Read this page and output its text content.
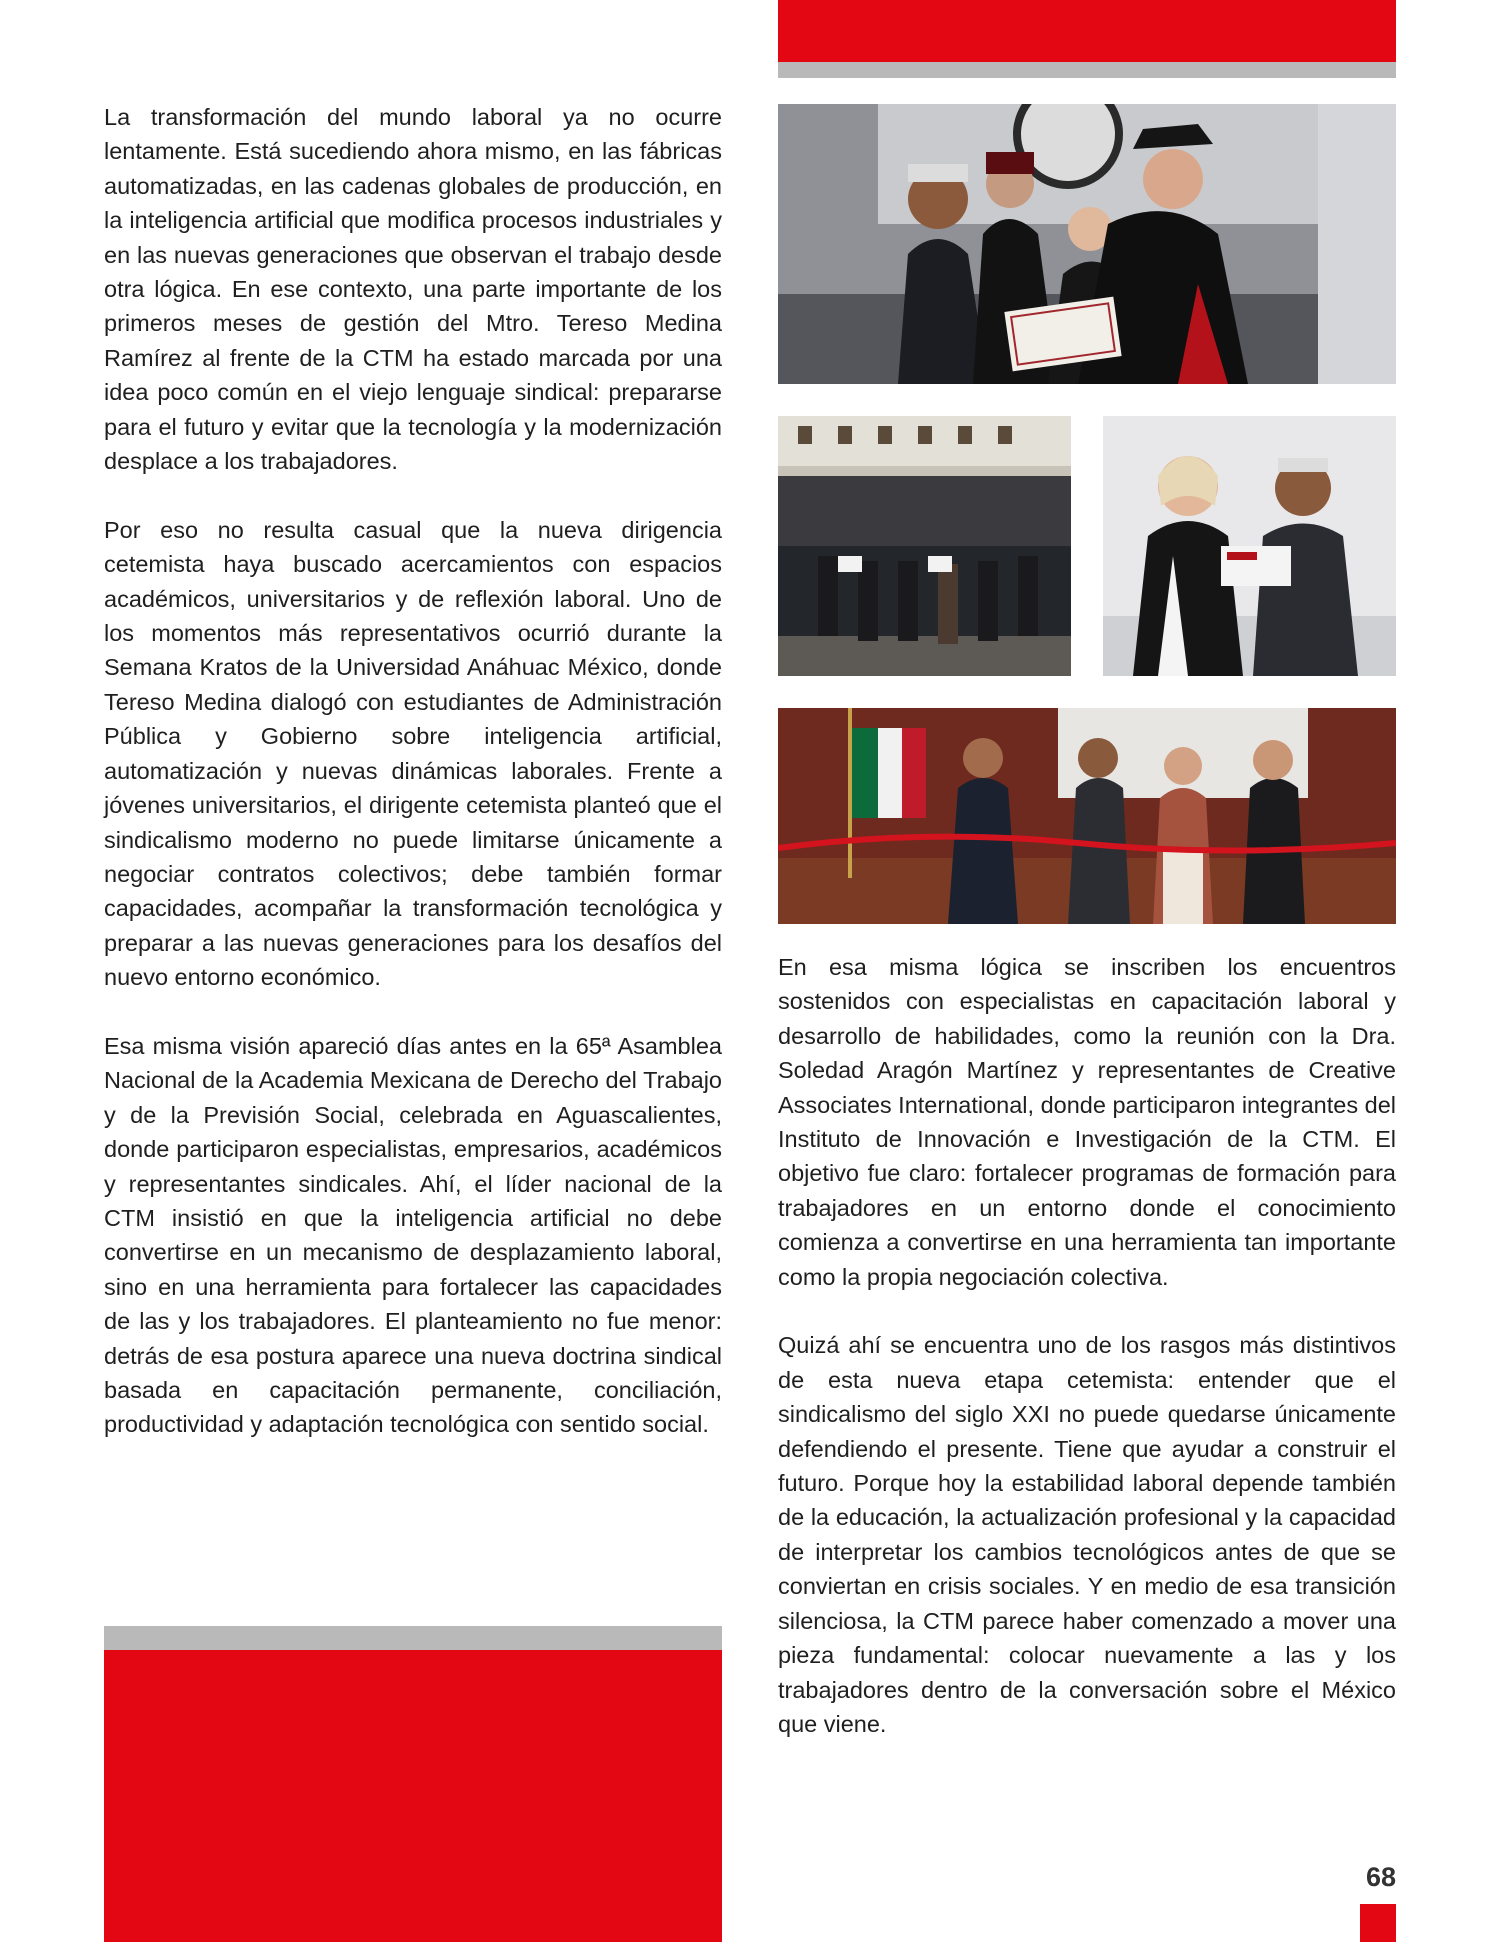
La transformación del mundo laboral ya no ocurre lentamente. Está sucediendo ahora mismo, en las fábricas automatizadas, en las cadenas globales de producción, en la inteligencia artificial que modifica procesos industriales y en las nuevas generaciones que observan el trabajo desde otra lógica. En ese contexto, una parte importante de los primeros meses de gestión del Mtro. Tereso Medina Ramírez al frente de la CTM ha estado marcada por una idea poco común en el viejo lenguaje sindical: prepararse para el futuro y evitar que la tecnología y la modernización desplace a los trabajadores.

Por eso no resulta casual que la nueva dirigencia cetemista haya buscado acercamientos con espacios académicos, universitarios y de reflexión laboral. Uno de los momentos más representativos ocurrió durante la Semana Kratos de la Universidad Anáhuac México, donde Tereso Medina dialogó con estudiantes de Administración Pública y Gobierno sobre inteligencia artificial, automatización y nuevas dinámicas laborales. Frente a jóvenes universitarios, el dirigente cetemista planteó que el sindicalismo moderno no puede limitarse únicamente a negociar contratos colectivos; debe también formar capacidades, acompañar la transformación tecnológica y preparar a las nuevas generaciones para los desafíos del nuevo entorno económico.

Esa misma visión apareció días antes en la 65ª Asamblea Nacional de la Academia Mexicana de Derecho del Trabajo y de la Previsión Social, celebrada en Aguascalientes, donde participaron especialistas, empresarios, académicos y representantes sindicales. Ahí, el líder nacional de la CTM insistió en que la inteligencia artificial no debe convertirse en un mecanismo de desplazamiento laboral, sino en una herramienta para fortalecer las capacidades de las y los trabajadores. El planteamiento no fue menor: detrás de esa postura aparece una nueva doctrina sindical basada en capacitación permanente, conciliación, productividad y adaptación tecnológica con sentido social.

En esa misma lógica se inscriben los encuentros sostenidos con especialistas en capacitación laboral y desarrollo de habilidades, como la reunión con la Dra. Soledad Aragón Martínez y representantes de Creative Associates International, donde participaron integrantes del Instituto de Innovación e Investigación de la CTM. El objetivo fue claro: fortalecer programas de formación para trabajadores en un entorno donde el conocimiento comienza a convertirse en una herramienta tan importante como la propia negociación colectiva.

Quizá ahí se encuentra uno de los rasgos más distintivos de esta nueva etapa cetemista: entender que el sindicalismo del siglo XXI no puede quedarse únicamente defendiendo el presente. Tiene que ayudar a construir el futuro. Porque hoy la estabilidad laboral depende también de la educación, la actualización profesional y la capacidad de interpretar los cambios tecnológicos antes de que se conviertan en crisis sociales. Y en medio de esa transición silenciosa, la CTM parece haber comenzado a mover una pieza fundamental: colocar nuevamente a las y los trabajadores dentro de la conversación sobre el México que viene.

68
